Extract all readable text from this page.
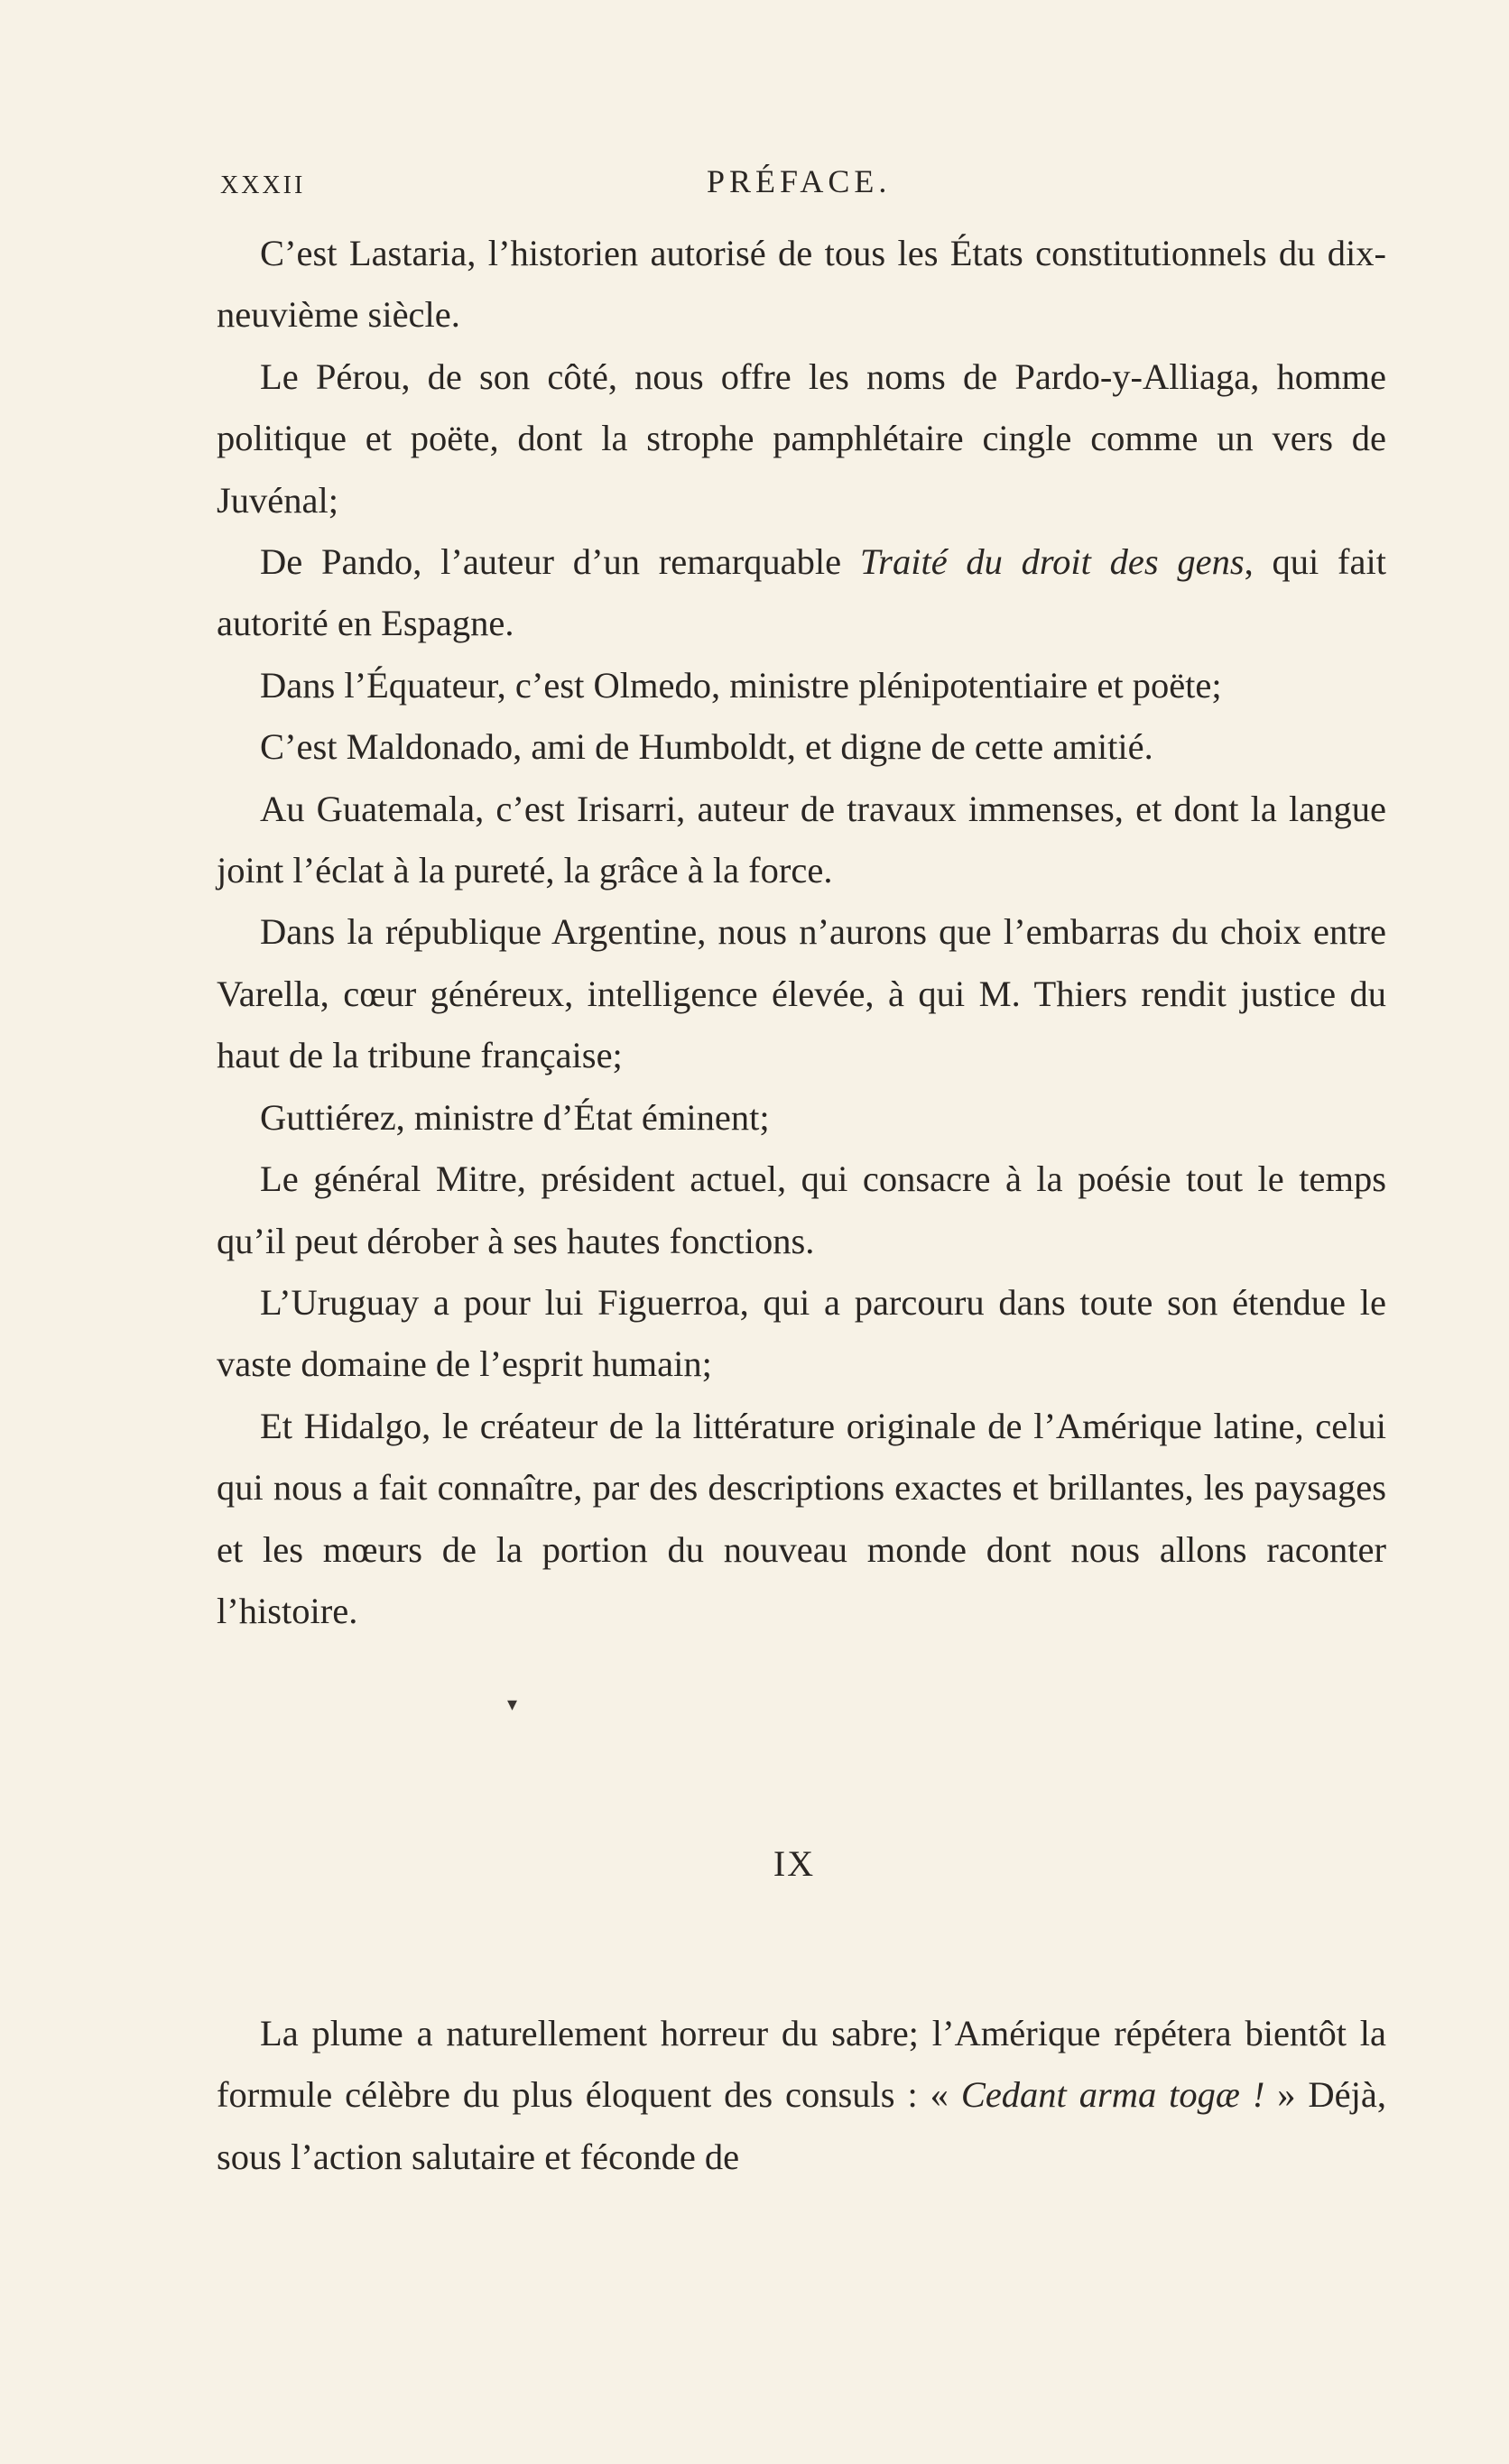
XXXII	PRÉFACE.

C’est Lastaria, l’historien autorisé de tous les États constitutionnels du dix-neuvième siècle.

Le Pérou, de son côté, nous offre les noms de Pardo-y-Alliaga, homme politique et poëte, dont la strophe pamphlétaire cingle comme un vers de Juvénal;

De Pando, l’auteur d’un remarquable Traité du droit des gens, qui fait autorité en Espagne.

Dans l’Équateur, c’est Olmedo, ministre plénipotentiaire et poëte;

C’est Maldonado, ami de Humboldt, et digne de cette amitié.

Au Guatemala, c’est Irisarri, auteur de travaux immenses, et dont la langue joint l’éclat à la pureté, la grâce à la force.

Dans la république Argentine, nous n’aurons que l’embarras du choix entre Varella, cœur généreux, intelligence élevée, à qui M. Thiers rendit justice du haut de la tribune française;

Guttiérez, ministre d’État éminent;

Le général Mitre, président actuel, qui consacre à la poésie tout le temps qu’il peut dérober à ses hautes fonctions.

L’Uruguay a pour lui Figuerroa, qui a parcouru dans toute son étendue le vaste domaine de l’esprit humain;

Et Hidalgo, le créateur de la littérature originale de l’Amérique latine, celui qui nous a fait connaître, par des descriptions exactes et brillantes, les paysages et les mœurs de la portion du nouveau monde dont nous allons raconter l’histoire.

▾
IX

La plume a naturellement horreur du sabre; l’Amérique répétera bientôt la formule célèbre du plus éloquent des consuls : « Cedant arma togæ ! » Déjà, sous l’action salutaire et féconde de
